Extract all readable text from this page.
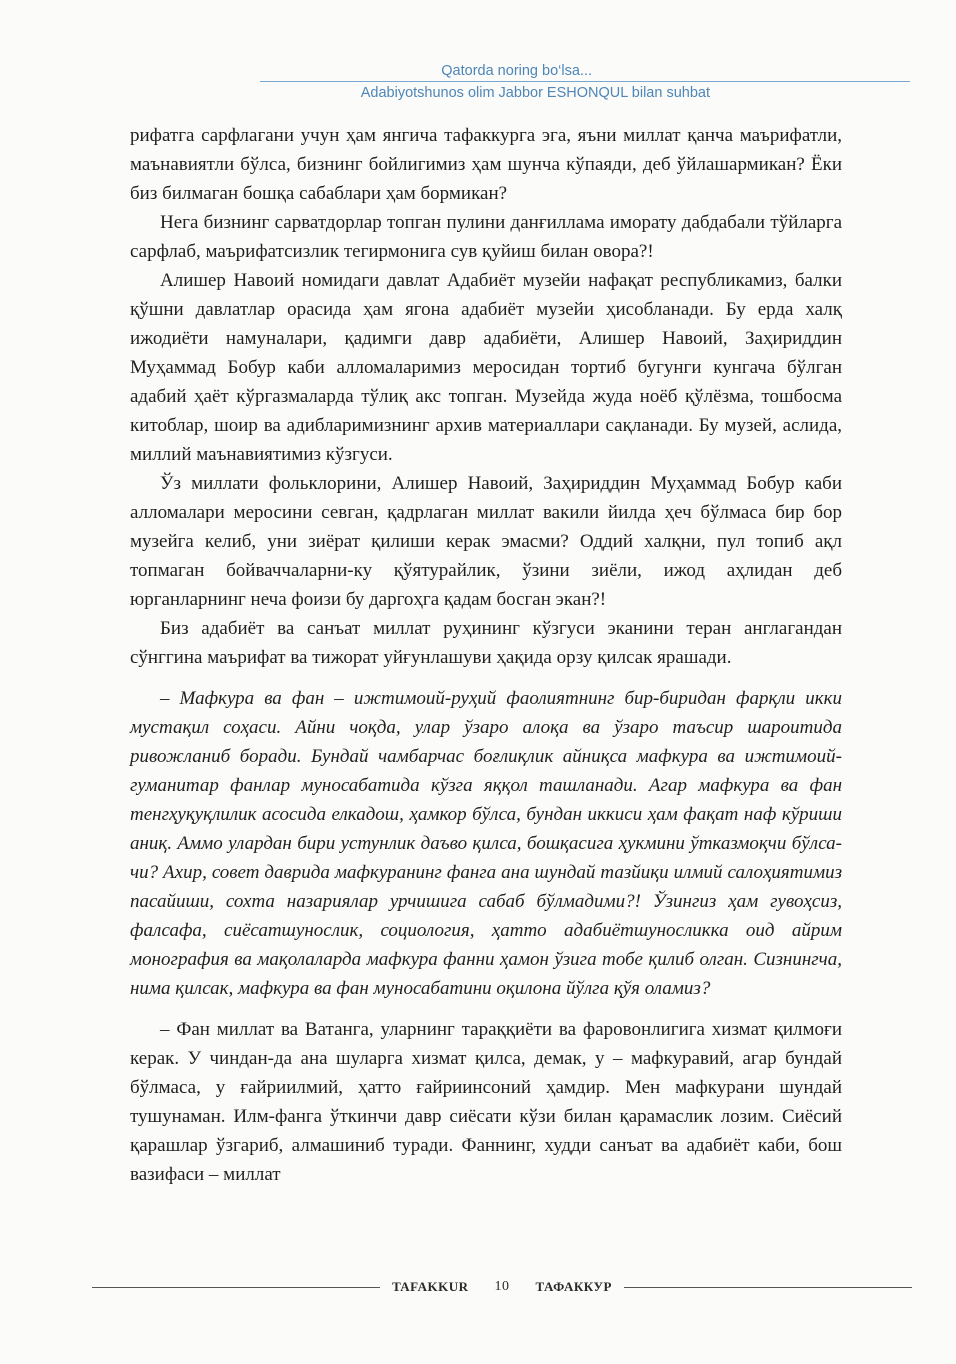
Qatorda noring bo‘lsa...
Adabiyotshunos olim Jabbor ESHONQUL bilan suhbat

рифатга сарфлагани учун ҳам янгича тафаккурга эга, яъни миллат қанча маърифатли, маънавиятли бўлса, бизнинг бойлигимиз ҳам шунча кўпаяди, деб ўйлашармикан? Ёки биз билмаган бошқа сабаблари ҳам бормикан?

Нега бизнинг сарватдорлар топган пулини данғиллама иморату дабдабали тўйларга сарфлаб, маърифатсизлик тегирмонига сув қуйиш билан овора?!

Алишер Навоий номидаги давлат Адабиёт музейи нафақат республикамиз, балки қўшни давлатлар орасида ҳам ягона адабиёт музейи ҳисобланади. Бу ерда халқ ижодиёти намуналари, қадимги давр адабиёти, Алишер Навоий, Заҳириддин Муҳаммад Бобур каби алломаларимиз меросидан тортиб бугунги кунгача бўлган адабий ҳаёт кўргазмаларда тўлиқ акс топган. Музейда жуда ноёб қўлёзма, тошбосма китоблар, шоир ва адибларимизнинг архив материаллари сақланади. Бу музей, аслида, миллий маънавиятимиз кўзгуси.

Ўз миллати фольклорини, Алишер Навоий, Заҳириддин Муҳаммад Бобур каби алломалари меросини севган, қадрлаган миллат вакили йилда ҳеч бўлмаса бир бор музейга келиб, уни зиёрат қилиши керак эмасми? Оддий халқни, пул топиб ақл топмаган бойваччаларни-ку қўятурайлик, ўзини зиёли, ижод аҳлидан деб юрганларнинг неча фоизи бу даргоҳга қадам босган экан?!

Биз адабиёт ва санъат миллат руҳининг кўзгуси эканини теран англагандан сўнггина маърифат ва тижорат уйғунлашуви ҳақида орзу қилсак ярашади.

– Мафкура ва фан – ижтимоий-руҳий фаолиятнинг бир-биридан фарқли икки мустақил соҳаси. Айни чоқда, улар ўзаро алоқа ва ўзаро таъсир шароитида ривожланиб боради. Бундай чамбарчас боғлиқлик айниқса мафкура ва ижтимоий-гуманитар фанлар муносабатида кўзга яққол ташланади. Агар мафкура ва фан тенгҳуқуқлилик асосида елкадош, ҳамкор бўлса, бундан иккиси ҳам фақат наф кўриши аниқ. Аммо улардан бири устунлик даъво қилса, бошқасига ҳукмини ўтказмоқчи бўлса-чи? Ахир, совет даврида мафкуранинг фанга ана шундай тазйиқи илмий салоҳиятимиз пасайиши, сохта назариялар урчишига сабаб бўлмадими?! Ўзингиз ҳам гувоҳсиз, фалсафа, сиёсатшунослик, социология, ҳатто адабиётшуносликка оид айрим монография ва мақолаларда мафкура фанни ҳамон ўзига тобе қилиб олган. Сизнингча, нима қилсак, мафкура ва фан муносабатини оқилона йўлга қўя оламиз?

– Фан миллат ва Ватанга, уларнинг тараққиёти ва фаровонлигига хизмат қилмоғи керак. У чиндан-да ана шуларга хизмат қилса, демак, у – мафкуравий, агар бундай бўлмаса, у ғайриилмий, ҳатто ғайриинсоний ҳамдир. Мен мафкурани шундай тушунаман. Илм-фанга ўткинчи давр сиёсати кўзи билан қарамаслик лозим. Сиёсий қарашлар ўзгариб, алмашиниб туради. Фаннинг, худди санъат ва адабиёт каби, бош вазифаси – миллат

TAFAKKUR	10	ТАФАККУР
